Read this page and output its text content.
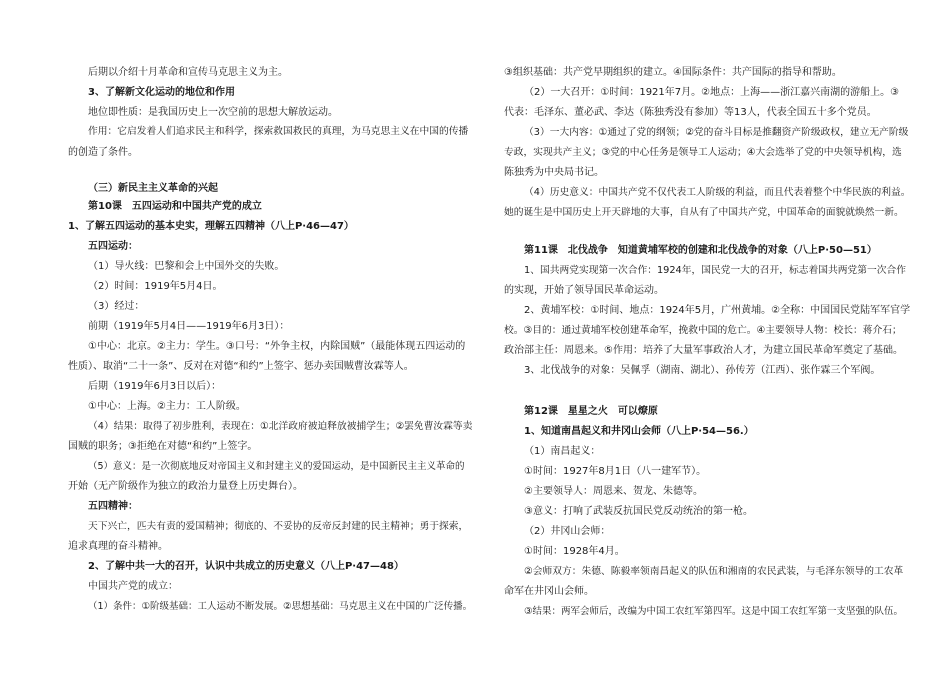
后期以介绍十月革命和宣传马克思主义为主。
3、了解新文化运动的地位和作用
地位即性质：是我国历史上一次空前的思想大解放运动。
作用：它启发着人们追求民主和科学，探索救国救民的真理，为马克思主义在中国的传播
的创造了条件。
（三）新民主主义革命的兴起
第10课　五四运动和中国共产党的成立
1、了解五四运动的基本史实，理解五四精神（八上P·46—47）
五四运动：
（1）导火线：巴黎和会上中国外交的失败。
（2）时间：1919年5月4日。
（3）经过：
前期（1919年5月4日——1919年6月3日）：
①中心：北京。②主力：学生。③口号：“外争主权，内除国贼”（最能体现五四运动的
性质）、取消“二十一条”、反对在对德“和约”上签字、惩办卖国贼曹汝霖等人。
后期（1919年6月3日以后）：
①中心：上海。②主力：工人阶级。
（4）结果：取得了初步胜利，表现在：①北洋政府被迫释放被捕学生；②罢免曹汝霖等卖
国贼的职务；③拒绝在对德“和约”上签字。
（5）意义：是一次彻底地反对帝国主义和封建主义的爱国运动，是中国新民主主义革命的
开始（无产阶级作为独立的政治力量登上历史舞台）。
五四精神：
天下兴亡，匹夫有责的爱国精神；彻底的、不妥协的反帝反封建的民主精神；勇于探索，
追求真理的奋斗精神。
2、了解中共一大的召开，认识中共成立的历史意义（八上P·47—48）
中国共产党的成立：
（1）条件：①阶级基础：工人运动不断发展。②思想基础：马克思主义在中国的广泛传播。
③组织基础：共产党早期组织的建立。④国际条件：共产国际的指导和帮助。
（2）一大召开：①时间：1921年7月。②地点：上海——浙江嘉兴南湖的游船上。③
代表：毛泽东、董必武、李达（陈独秀没有参加）等13人，代表全国五十多个党员。
（3）一大内容：①通过了党的纲领；②党的奋斗目标是推翻资产阶级政权，建立无产阶级
专政，实现共产主义；③党的中心任务是领导工人运动；④大会选举了党的中央领导机构，选
陈独秀为中央局书记。
（4）历史意义：中国共产党不仅代表工人阶级的利益，而且代表着整个中华民族的利益。
她的诞生是中国历史上开天辟地的大事，自从有了中国共产党，中国革命的面貌就焕然一新。
第11课　北伐战争　知道黄埔军校的创建和北伐战争的对象（八上P·50—51）
1、国共两党实现第一次合作：1924年，国民党一大的召开，标志着国共两党第一次合作
的实现，开始了领导国民革命运动。
2、黄埔军校：①时间、地点：1924年5月，广州黄埔。②全称：中国国民党陆军军官学
校。③目的：通过黄埔军校创建革命军，挽救中国的危亡。④主要领导人物：校长：蒋介石；
政治部主任：周恩来。⑤作用：培养了大量军事政治人才，为建立国民革命军奠定了基础。
3、北伐战争的对象：吴佩孚（湖南、湖北）、孙传芳（江西）、张作霖三个军阀。
第12课　星星之火　可以燎原
1、知道南昌起义和井冈山会师（八上P·54—56.）
（1）南昌起义：
①时间：1927年8月1日（八一建军节）。
②主要领导人：周恩来、贺龙、朱德等。
③意义：打响了武装反抗国民党反动统治的第一枪。
（2）井冈山会师：
①时间：1928年4月。
②会师双方：朱德、陈毅率领南昌起义的队伍和湘南的农民武装，与毛泽东领导的工农革
命军在井冈山会师。
③结果：两军会师后，改编为中国工农红军第四军。这是中国工农红军第一支坚强的队伍。
